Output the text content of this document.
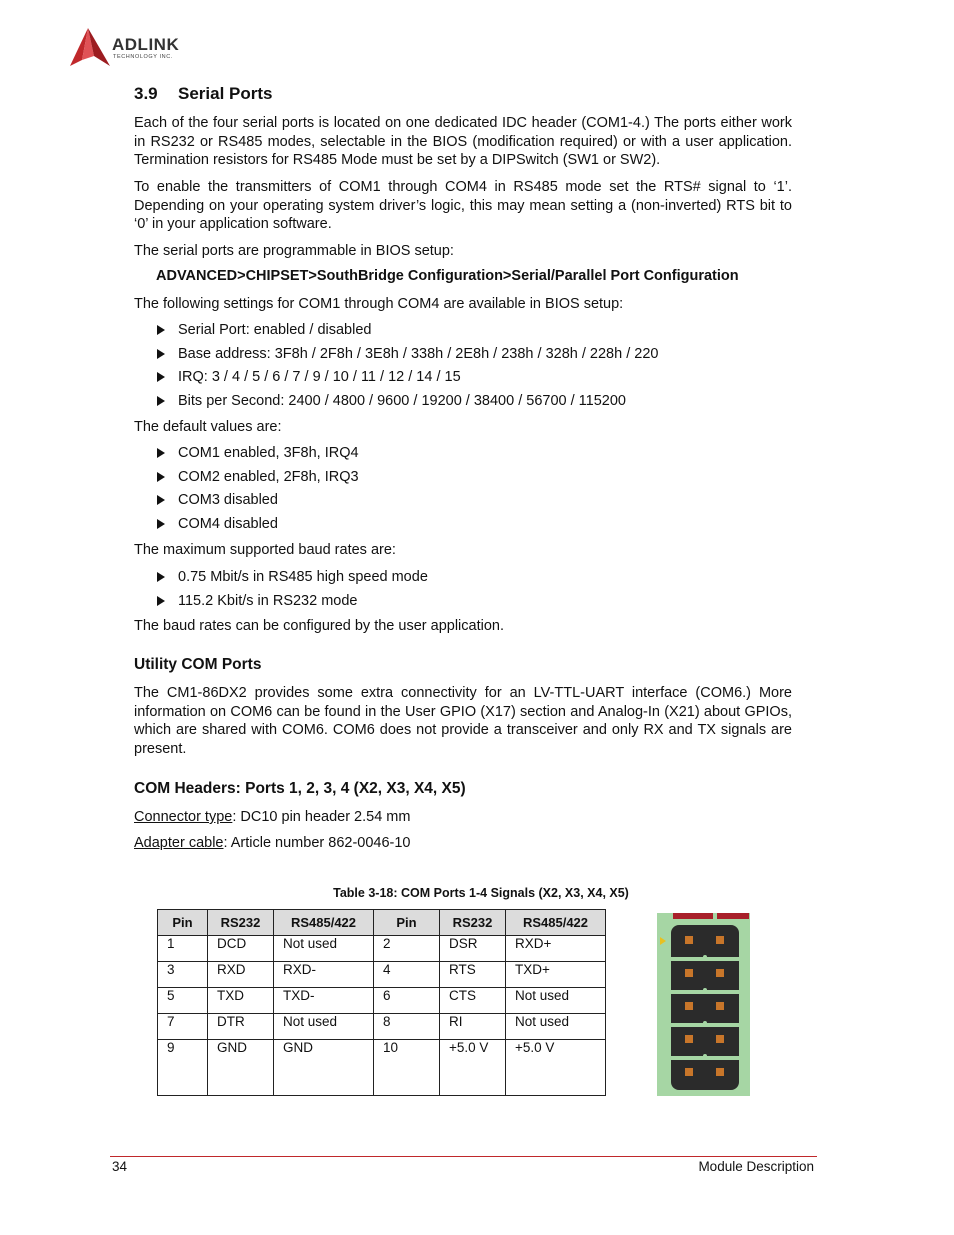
ADLINK
TECHNOLOGY INC.
3.9 Serial Ports

Each of the four serial ports is located on one dedicated IDC header (COM1-4.) The ports either work in RS232 or RS485 modes, selectable in the BIOS (modification required) or with a user application. Termination resistors for RS485 Mode must be set by a DIPSwitch (SW1 or SW2).

To enable the transmitters of COM1 through COM4 in RS485 mode set the RTS# signal to ‘1’. Depending on your operating system driver’s logic, this may mean setting a (non-inverted) RTS bit to ‘0’ in your application software.

The serial ports are programmable in BIOS setup:

ADVANCED>CHIPSET>SouthBridge Configuration>Serial/Parallel Port Configuration

The following settings for COM1 through COM4 are available in BIOS setup:

Serial Port: enabled / disabled
Base address: 3F8h / 2F8h / 3E8h / 338h / 2E8h / 238h / 328h / 228h / 220
IRQ: 3 / 4 / 5 / 6 / 7 / 9 / 10 / 11 / 12 / 14 / 15
Bits per Second: 2400 / 4800 / 9600 / 19200 / 38400 / 56700 / 115200

The default values are:

COM1 enabled, 3F8h, IRQ4
COM2 enabled, 2F8h, IRQ3
COM3 disabled
COM4 disabled

The maximum supported baud rates are:

0.75 Mbit/s in RS485 high speed mode
115.2 Kbit/s in RS232 mode

The baud rates can be configured by the user application.

Utility COM Ports

The CM1-86DX2 provides some extra connectivity for an LV-TTL-UART interface (COM6.) More information on COM6 can be found in the User GPIO (X17) section and Analog-In (X21) about GPIOs, which are shared with COM6. COM6 does not provide a transceiver and only RX and TX signals are present.

COM Headers: Ports 1, 2, 3, 4 (X2, X3, X4, X5)

Connector type: DC10 pin header 2.54 mm

Adapter cable: Article number 862-0046-10

Table 3-18: COM Ports 1-4 Signals (X2, X3, X4, X5)
Pin	RS232	RS485/422	Pin	RS232	RS485/422
1	DCD	Not used	2	DSR	RXD+
3	RXD	RXD-	4	RTS	TXD+
5	TXD	TXD-	6	CTS	Not used
7	DTR	Not used	8	RI	Not used
9	GND	GND	10	+5.0 V	+5.0 V
34	Module Description
